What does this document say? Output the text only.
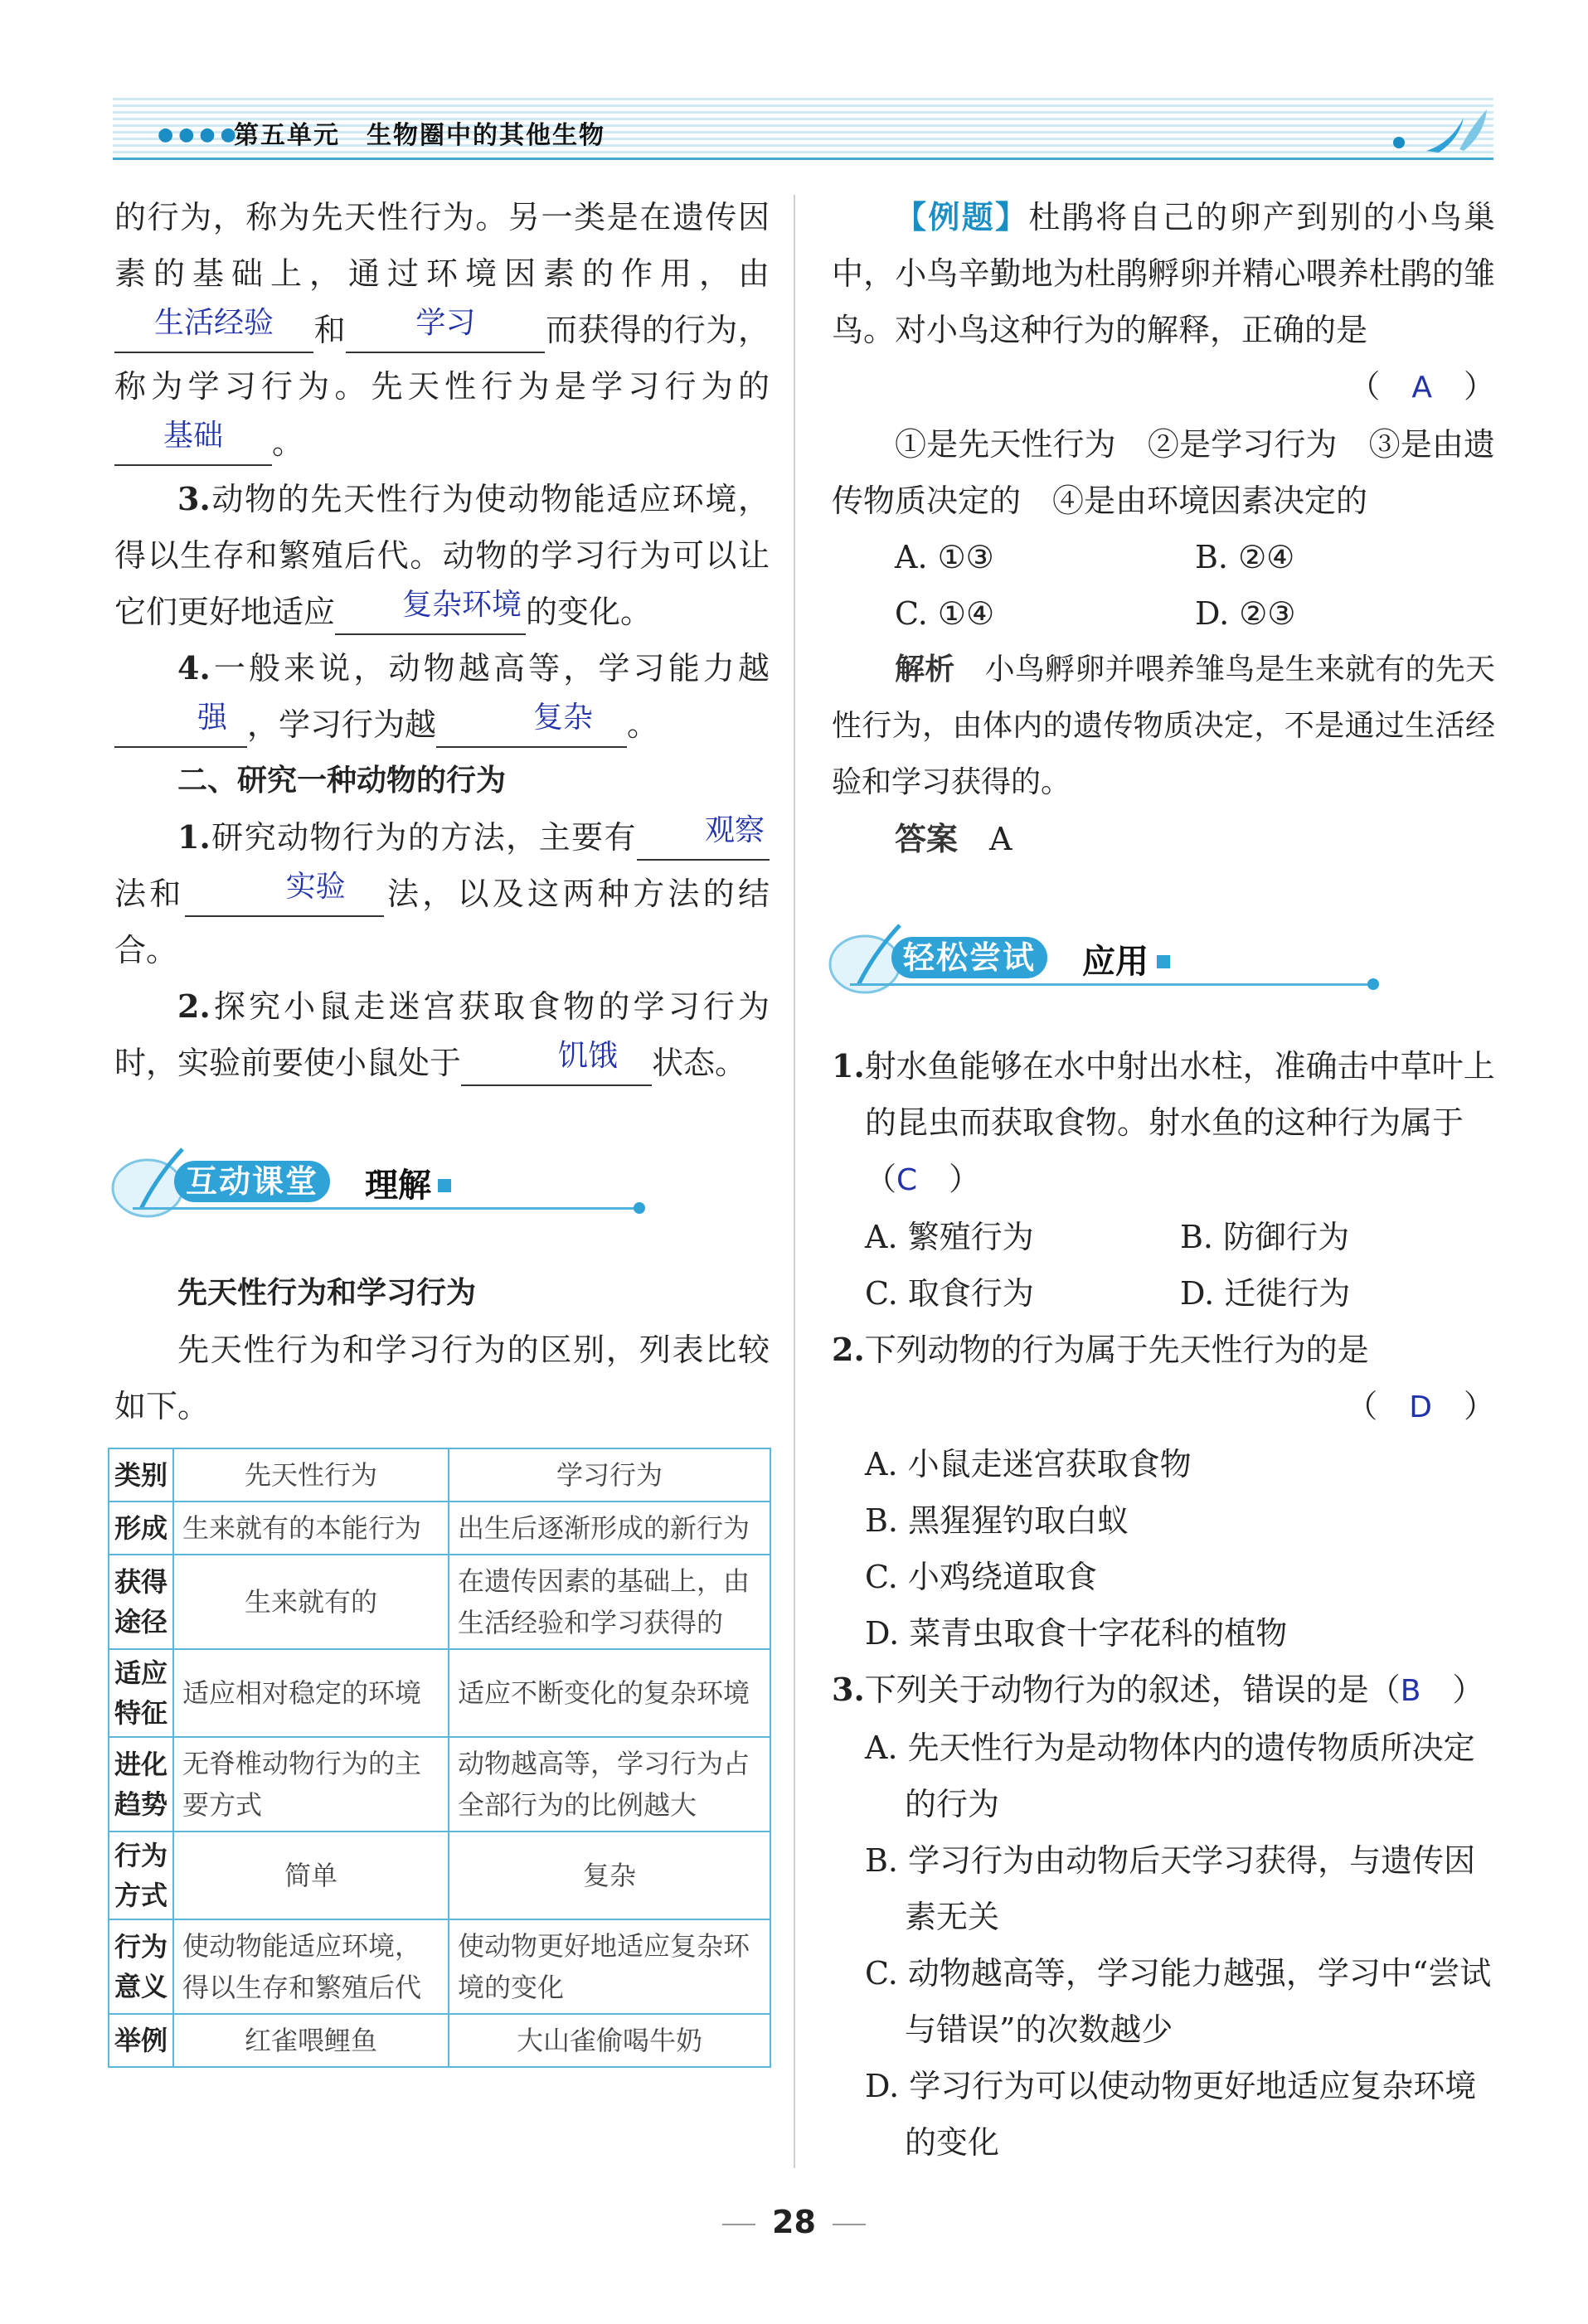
●●●●
第五单元　 生物圈中的其他生物

的行为，称为先天性行为。另一类是在遗传因素的基础上，通过环境因素的作用，由生活经验 和 学习 而获得的行为，称为学习行为。先天性行为是学习行为的基础 。

3.动物的先天性行为使动物能适应环境，得以生存和繁殖后代。动物的学习行为可以让它们更好地适应 复杂环境 的变化。

4.一般来说，动物越高等，学习能力越强 ，学习行为越	复杂 。

二、研究一种动物的行为

1.研究动物行为的方法，主要有 观察法和	实验 法，以及这两种方法的结合。

2.探究小鼠走迷宫获取食物的学习行为时，实验前要使小鼠处于	饥饿 状态。

互动课堂	理解

先天性行为和学习行为

先天性行为和学习行为的区别，列表比较如下。

类别	先天性行为	学习行为
形成	生来就有的本能行为	出生后逐渐形成的新行为
获得途径	生来就有的	在遗传因素的基础上，由生活经验和学习获得的
适应特征	适应相对稳定的环境	适应不断变化的复杂环境
进化趋势	无脊椎动物行为的主要方式	动物越高等，学习行为占全部行为的比例越大
行为方式	简单	复杂
行为意义	使动物能适应环境，得以生存和繁殖后代	使动物更好地适应复杂环境的变化
举例	红雀喂鲤鱼	大山雀偷喝牛奶

【例题】杜鹃将自己的卵产到别的小鸟巢中，小鸟辛勤地为杜鹃孵卵并精心喂养杜鹃的雏鸟。对小鸟这种行为的解释，正确的是

（　A　）

①是先天性行为　②是学习行为　③是由遗传物质决定的　④是由环境因素决定的

A. ①③	B. ②④
C. ①④	D. ②③

解析　 小鸟孵卵并喂养雏鸟是生来就有的先天性行为，由体内的遗传物质决定，不是通过生活经验和学习获得的。

答案　 A

轻松尝试	应用

1.射水鱼能够在水中射出水柱，准确击中草叶上的昆虫而获取食物。射水鱼的这种行为属于（C　 ）

A. 繁殖行为	B. 防御行为
C. 取食行为	D. 迁徙行为

2.下列动物的行为属于先天性行为的是

（　D　）

A. 小鼠走迷宫获取食物

B. 黑猩猩钓取白蚁

C. 小鸡绕道取食

D. 菜青虫取食十字花科的植物

3.下列关于动物行为的叙述，错误的是（B　 ）

A. 先天性行为是动物体内的遗传物质所决定的行为

B. 学习行为由动物后天学习获得，与遗传因素无关

C. 动物越高等，学习能力越强，学习中“尝试与错误”的次数越少

D. 学习行为可以使动物更好地适应复杂环境的变化

28
